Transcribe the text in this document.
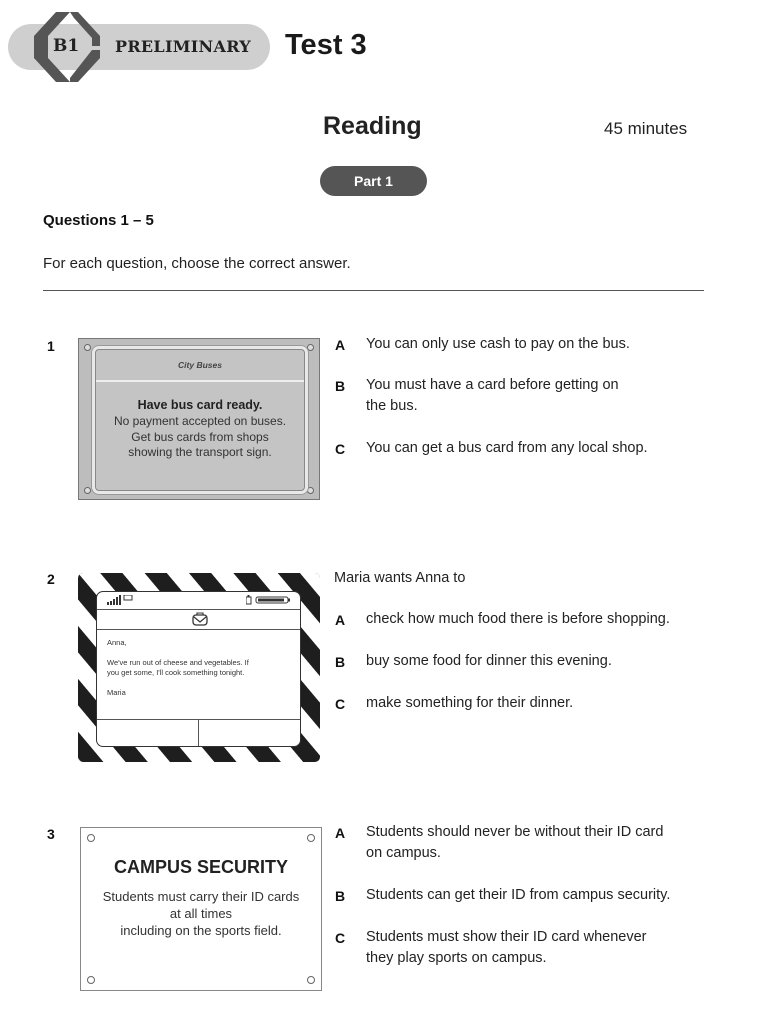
B1 PRELIMINARY Test 3
Reading	45 minutes
Part 1
Questions 1 – 5
For each question, choose the correct answer.
1
City Buses
Have bus card ready.
No payment accepted on buses.
Get bus cards from shops
showing the transport sign.
A You can only use cash to pay on the bus.
B You must have a card before getting on
the bus.
C You can get a bus card from any local shop.
2
Anna,
We've run out of cheese and vegetables. If
you get some, I'll cook something tonight.
Maria
Maria wants Anna to
A check how much food there is before shopping.
B buy some food for dinner this evening.
C make something for their dinner.
3
CAMPUS SECURITY
Students must carry their ID cards
at all times
including on the sports field.
A Students should never be without their ID card
on campus.
B Students can get their ID from campus security.
C Students must show their ID card whenever
they play sports on campus.
